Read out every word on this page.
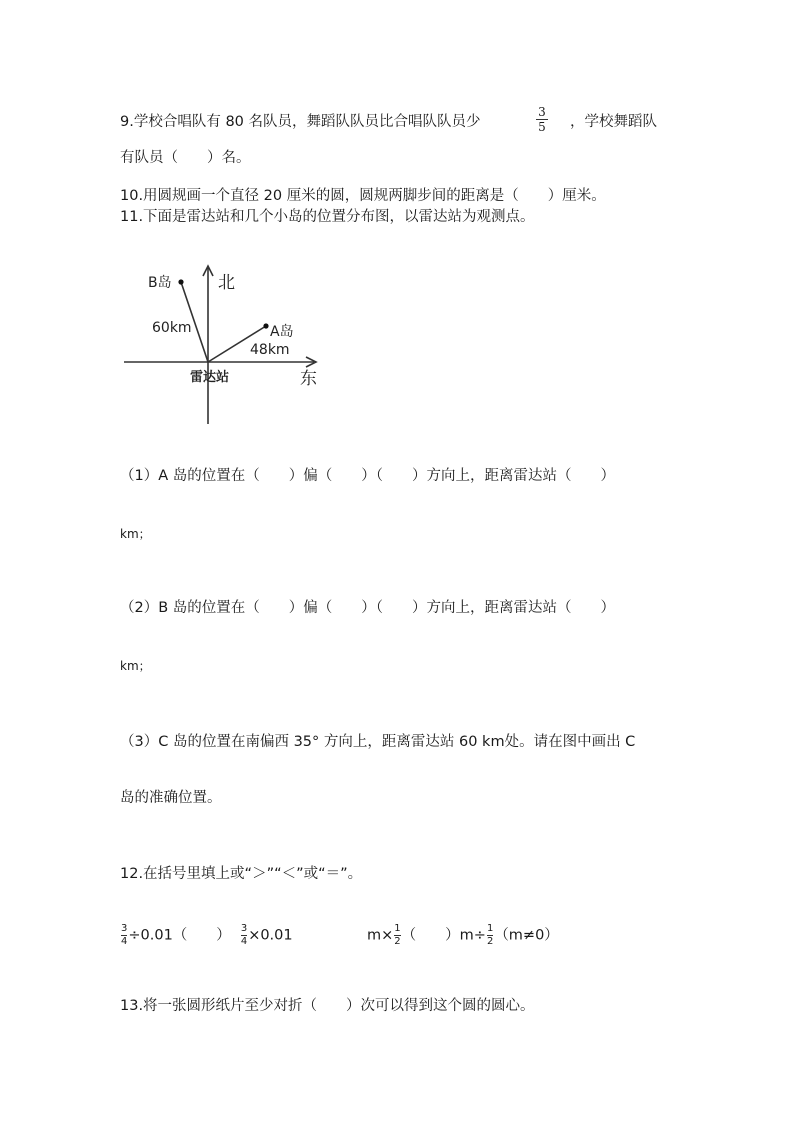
9.学校合唱队有 80 名队员，舞蹈队队员比合唱队队员少
3
5 ，学校舞蹈队
有队员（　　）名。
10.用圆规画一个直径 20 厘米的圆，圆规两脚步间的距离是（　　）厘米。
11.下面是雷达站和几个小岛的位置分布图，以雷达站为观测点。
北
东
雷达站
B岛
A岛
60km
48km
（1）A 岛的位置在（　　）偏（　　）（　　）方向上，距离雷达站（　　）
km；
（2）B 岛的位置在（　　）偏（　　）（　　）方向上，距离雷达站（　　）
km；
（3）C 岛的位置在南偏西 35° 方向上，距离雷达站 60 km处。请在图中画出 C
岛的准确位置。
12.在括号里填上或“＞”“＜”或“＝”。
$\frac{3}{4}\div 0.01$（　　） $\frac{3}{4}\times 0.01$	$m\times\frac{1}{2}$（　　）$m\div\frac{1}{2}(m\ne 0)$
13.将一张圆形纸片至少对折（　　）次可以得到这个圆的圆心。
